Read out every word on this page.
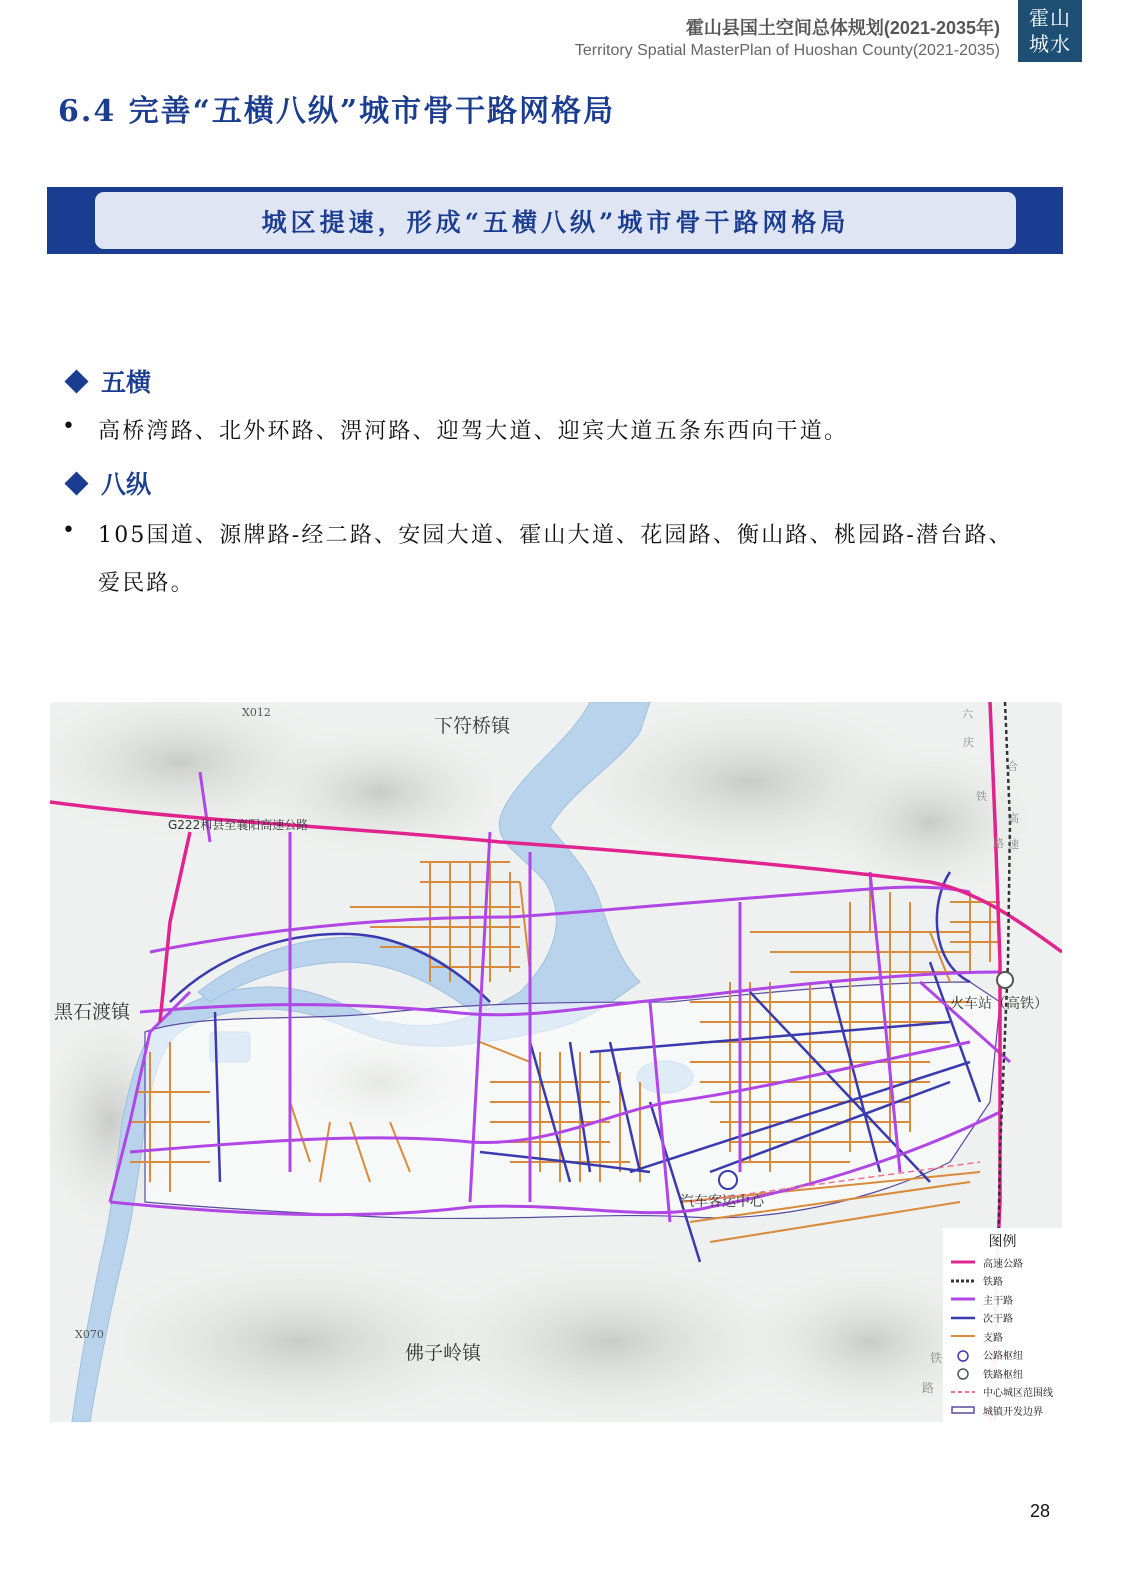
霍山县国土空间总体规划(2021-2035年)
Territory Spatial MasterPlan of Huoshan County(2021-2035)
霍山
城水
6.4 完善“五横八纵”城市骨干路网格局
城区提速，形成“五横八纵”城市骨干路网格局
五横
• 高桥湾路、北外环路、淠河路、迎驾大道、迎宾大道五条东西向干道。
八纵
• 105国道、源牌路-经二路、安园大道、霍山大道、花园路、衡山路、桃园路-潜台路、
爱民路。
X012
下符桥镇
G222和县至襄阳高速公路
黑石渡镇	火车站（高铁）
汽车客运中心
X070
佛子岭镇
六
庆
铁
路
合
高
速
铁
路
图例
高速公路
铁路
主干路
次干路
支路
公路枢纽
铁路枢纽
中心城区范围线
城镇开发边界
28
